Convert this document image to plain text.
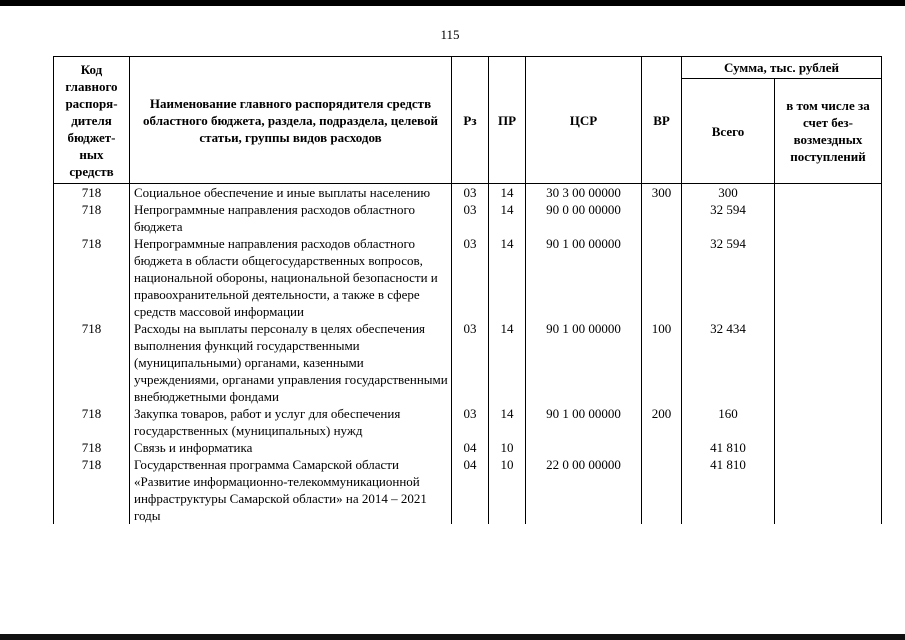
115
Код главного распоря-дителя бюджет-ных средств	Наименование главного распорядителя средств областного бюджета, раздела, подраздела, целевой статьи, группы видов расходов	Рз	ПР	ЦСР	ВР	Сумма, тыс. рублей	
						Всего	в том числе за счет без-возмездных поступлений
718	Социальное обеспечение и иные выплаты населению	03	14	30 3 00 00000	300	300	
718	Непрограммные направления расходов областного бюджета	03	14	90 0 00 00000		32 594	
718	Непрограммные направления расходов областного бюджета в области общегосударственных вопросов, национальной обороны, национальной безопасности и правоохранительной деятельности, а также в сфере средств массовой информации	03	14	90 1 00 00000		32 594	
718	Расходы на выплаты персоналу в целях обеспечения выполнения функций государственными (муниципальными) органами, казенными учреждениями, органами управления государственными внебюджетными фондами	03	14	90 1 00 00000	100	32 434	
718	Закупка товаров, работ и услуг для обеспечения государственных (муниципальных) нужд	03	14	90 1 00 00000	200	160	
718	Связь и информатика	04	10			41 810	
718	Государственная программа Самарской области «Развитие информационно-телекоммуникационной инфраструктуры Самарской области» на 2014 – 2021 годы	04	10	22 0 00 00000		41 810	
